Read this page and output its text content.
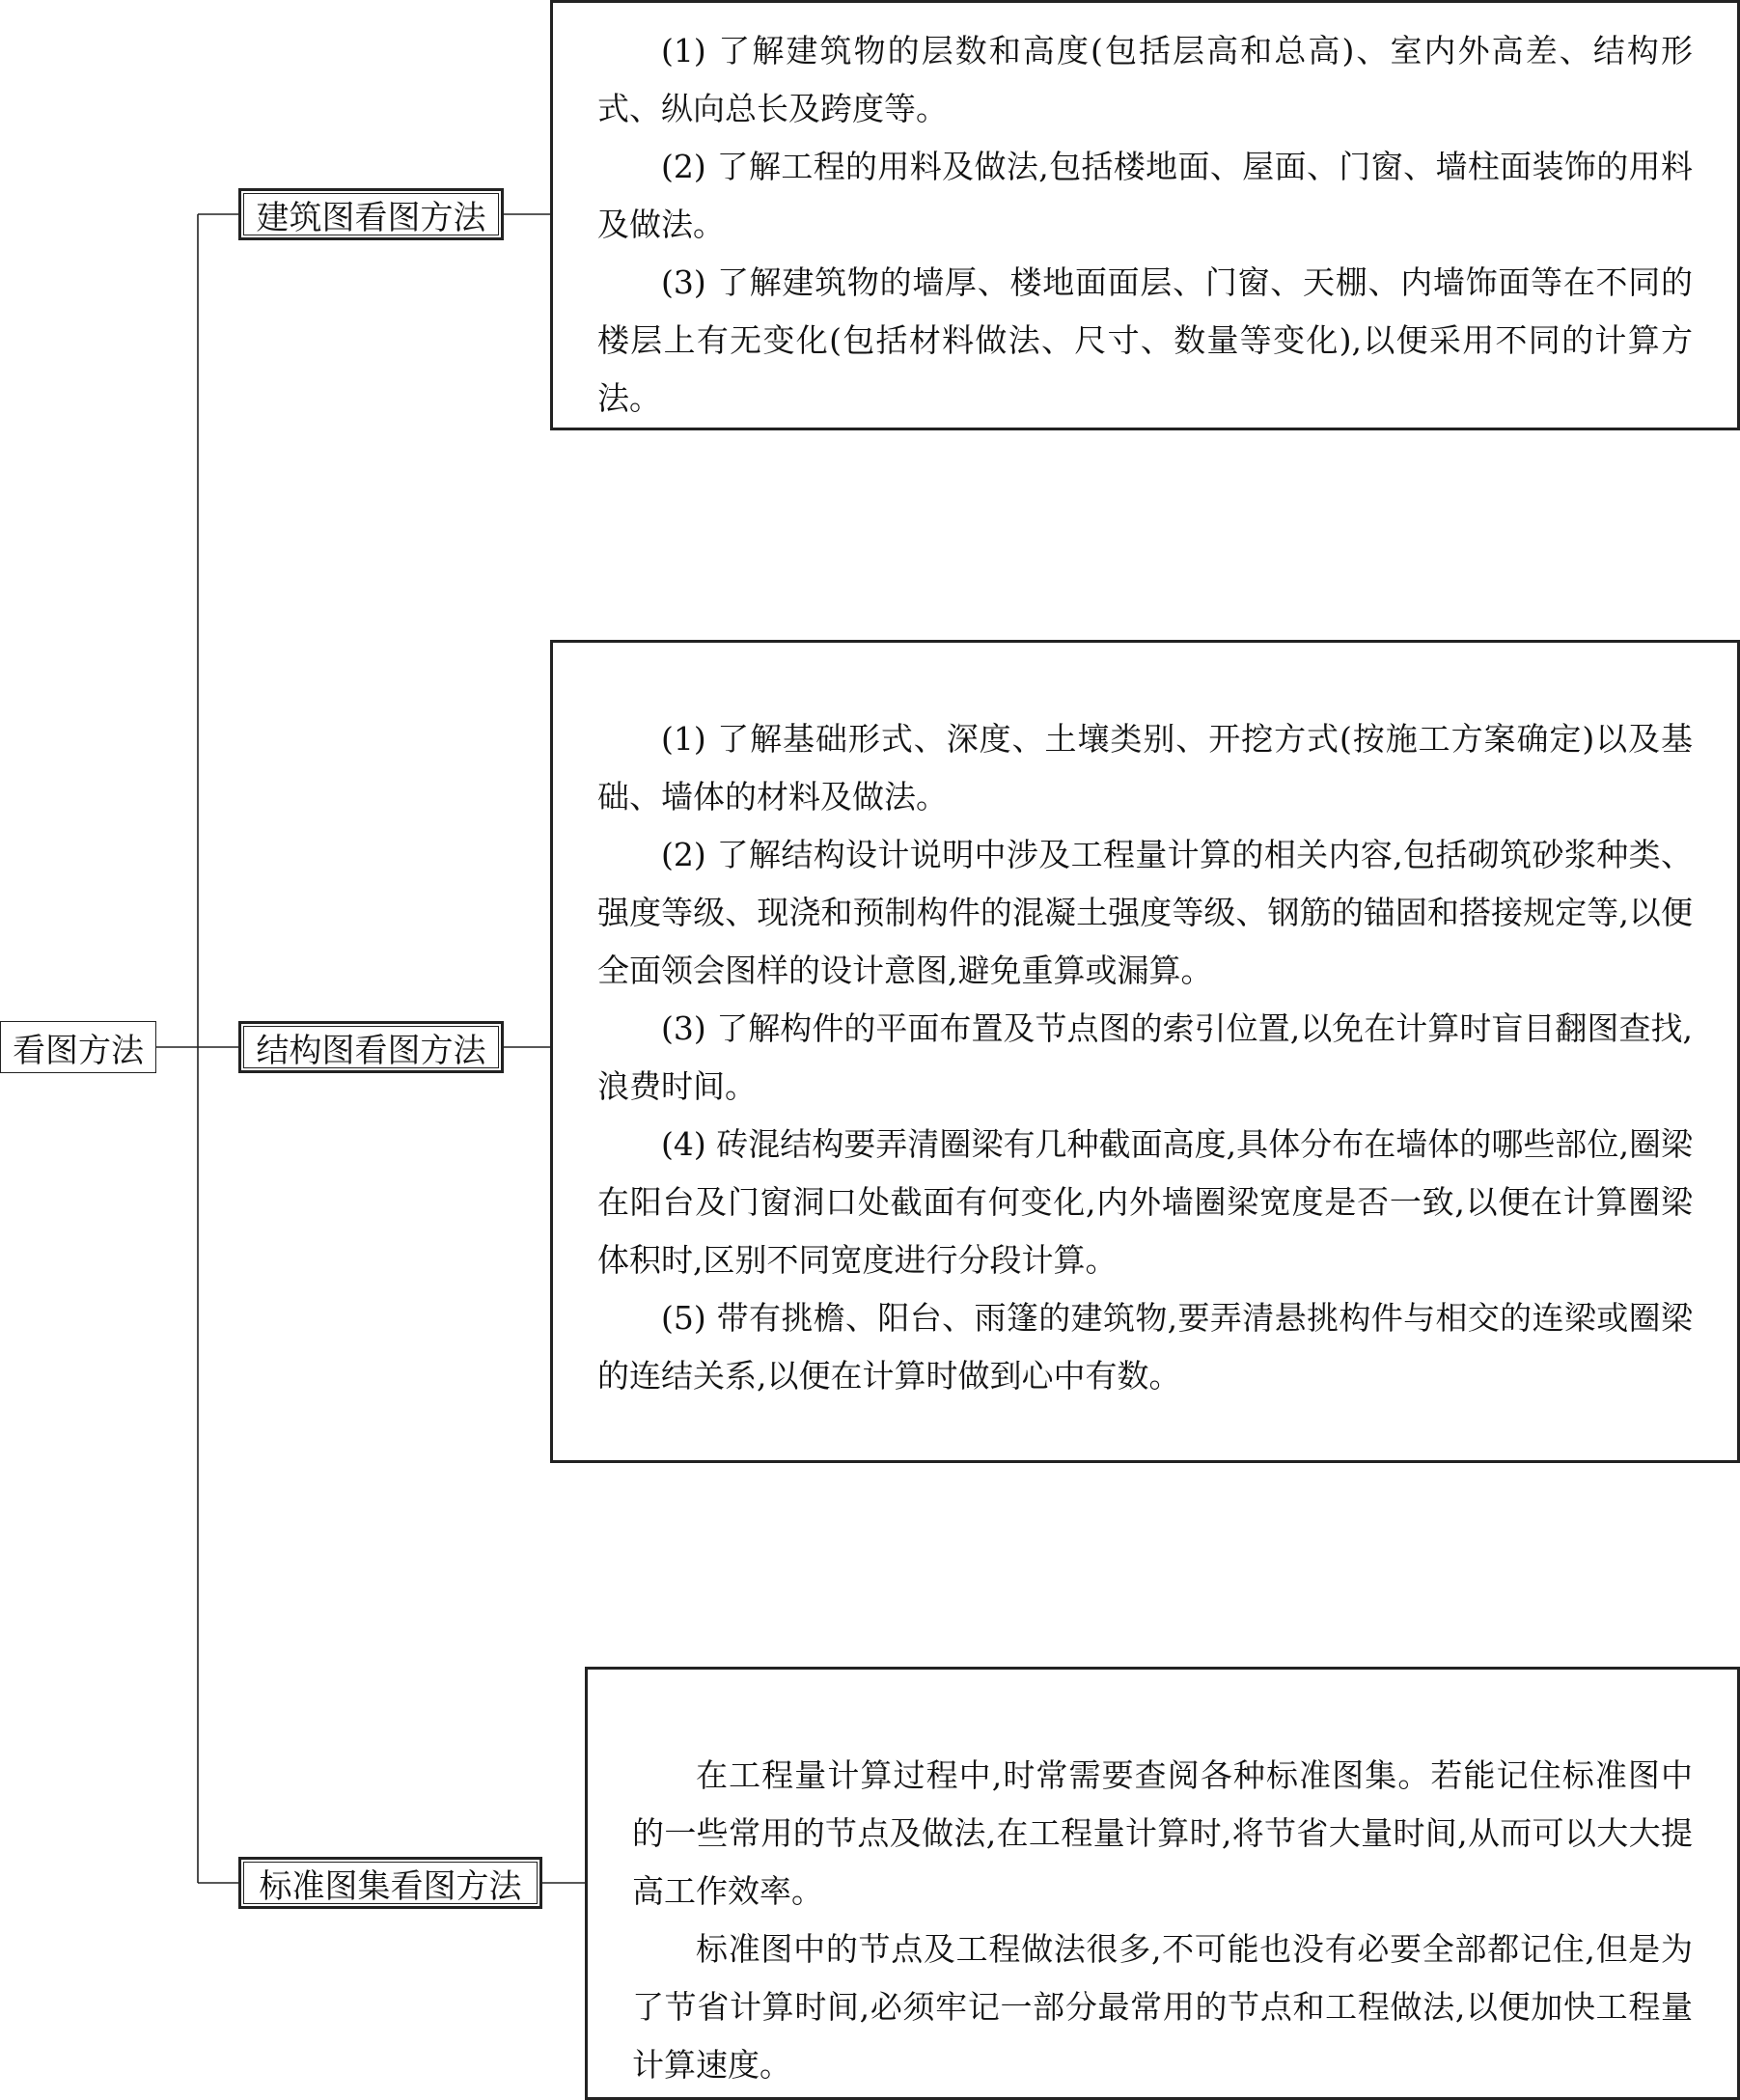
看图方法
建筑图看图方法
结构图看图方法
标准图集看图方法

(1) 了解建筑物的层数和高度(包括层高和总高)、室内外高差、结构形式、纵向总长及跨度等。

(2) 了解工程的用料及做法,包括楼地面、屋面、门窗、墙柱面装饰的用料及做法。

(3) 了解建筑物的墙厚、楼地面面层、门窗、天棚、内墙饰面等在不同的楼层上有无变化(包括材料做法、尺寸、数量等变化),以便采用不同的计算方法。

(1) 了解基础形式、深度、土壤类别、开挖方式(按施工方案确定)以及基础、墙体的材料及做法。

(2) 了解结构设计说明中涉及工程量计算的相关内容,包括砌筑砂浆种类、强度等级、现浇和预制构件的混凝土强度等级、钢筋的锚固和搭接规定等,以便全面领会图样的设计意图,避免重算或漏算。

(3) 了解构件的平面布置及节点图的索引位置,以免在计算时盲目翻图查找,浪费时间。

(4) 砖混结构要弄清圈梁有几种截面高度,具体分布在墙体的哪些部位,圈梁在阳台及门窗洞口处截面有何变化,内外墙圈梁宽度是否一致,以便在计算圈梁体积时,区别不同宽度进行分段计算。

(5) 带有挑檐、阳台、雨篷的建筑物,要弄清悬挑构件与相交的连梁或圈梁的连结关系,以便在计算时做到心中有数。

在工程量计算过程中,时常需要查阅各种标准图集。若能记住标准图中的一些常用的节点及做法,在工程量计算时,将节省大量时间,从而可以大大提高工作效率。

标准图中的节点及工程做法很多,不可能也没有必要全部都记住,但是为了节省计算时间,必须牢记一部分最常用的节点和工程做法,以便加快工程量计算速度。
